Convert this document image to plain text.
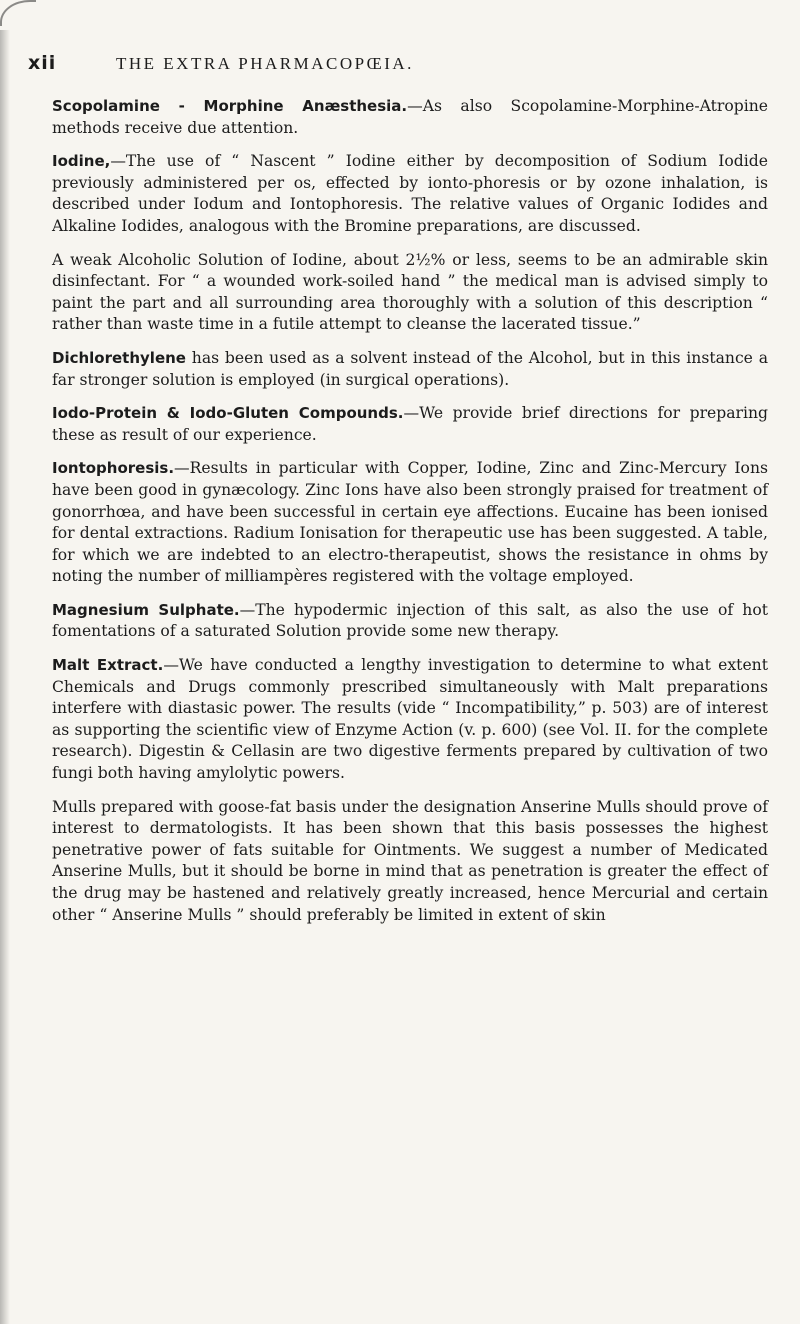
xii	THE EXTRA PHARMACOPŒIA.

Scopolamine - Morphine Anæsthesia.—As also Scopolamine-Morphine-Atropine methods receive due attention.

Iodine,—The use of “ Nascent ” Iodine either by decomposition of Sodium Iodide previously administered per os, effected by ionto-phoresis or by ozone inhalation, is described under Iodum and Iontophoresis. The relative values of Organic Iodides and Alkaline Iodides, analogous with the Bromine preparations, are discussed.

A weak Alcoholic Solution of Iodine, about 2½% or less, seems to be an admirable skin disinfectant. For “ a wounded work-soiled hand ” the medical man is advised simply to paint the part and all surrounding area thoroughly with a solution of this description “ rather than waste time in a futile attempt to cleanse the lacerated tissue.”

Dichlorethylene has been used as a solvent instead of the Alcohol, but in this instance a far stronger solution is employed (in surgical operations).

Iodo-Protein & Iodo-Gluten Compounds.—We provide brief directions for preparing these as result of our experience.

Iontophoresis.—Results in particular with Copper, Iodine, Zinc and Zinc-Mercury Ions have been good in gynæcology. Zinc Ions have also been strongly praised for treatment of gonorrhœa, and have been successful in certain eye affections. Eucaine has been ionised for dental extractions. Radium Ionisation for therapeutic use has been suggested. A table, for which we are indebted to an electro-therapeutist, shows the resistance in ohms by noting the number of milliampères registered with the voltage employed.

Magnesium Sulphate.—The hypodermic injection of this salt, as also the use of hot fomentations of a saturated Solution provide some new therapy.

Malt Extract.—We have conducted a lengthy investigation to determine to what extent Chemicals and Drugs commonly prescribed simultaneously with Malt preparations interfere with diastasic power. The results (vide “ Incompatibility,” p. 503) are of interest as supporting the scientific view of Enzyme Action (v. p. 600) (see Vol. II. for the complete research). Digestin & Cellasin are two digestive ferments prepared by cultivation of two fungi both having amylolytic powers.

Mulls prepared with goose-fat basis under the designation Anserine Mulls should prove of interest to dermatologists. It has been shown that this basis possesses the highest penetrative power of fats suitable for Ointments. We suggest a number of Medicated Anserine Mulls, but it should be borne in mind that as penetration is greater the effect of the drug may be hastened and relatively greatly increased, hence Mercurial and certain other “ Anserine Mulls ” should preferably be limited in extent of skin
